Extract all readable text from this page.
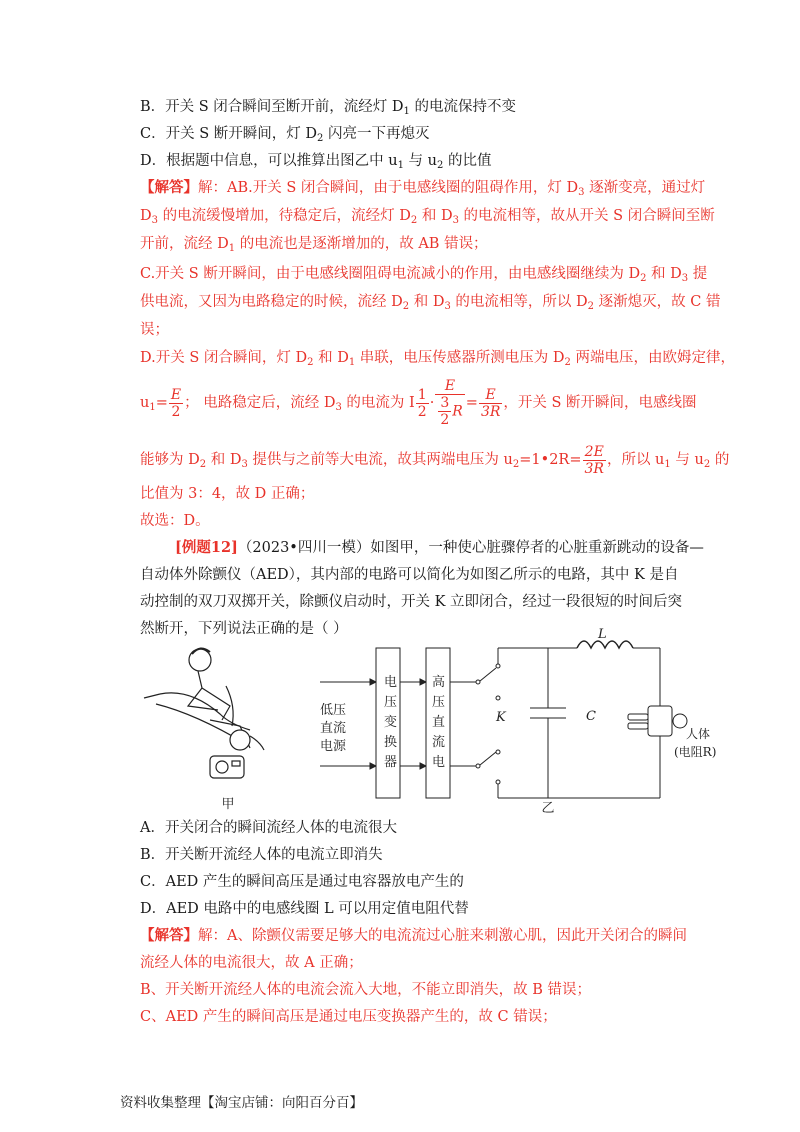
B．开关 S 闭合瞬间至断开前，流经灯 $D_1$ 的电流保持不变
C．开关 S 断开瞬间，灯 $D_2$ 闪亮一下再熄灭
D．根据题中信息，可以推算出图乙中 $u_1$ 与 $u_2$ 的比值
【解答】解：AB.开关 S 闭合瞬间，由于电感线圈的阻碍作用，灯 $D_3$ 逐渐变亮，通过灯
$D_3$ 的电流缓慢增加，待稳定后，流经灯 $D_2$ 和 $D_3$ 的电流相等，故从开关 S 闭合瞬间至断
开前，流经 $D_1$ 的电流也是逐渐增加的，故 AB 错误；
C.开关 S 断开瞬间，由于电感线圈阻碍电流减小的作用，由电感线圈继续为 $D_2$ 和 $D_3$ 提
供电流，又因为电路稳定的时候，流经 $D_2$ 和 $D_3$ 的电流相等，所以 $D_2$ 逐渐熄灭，故 C 错
误；
D.开关 S 闭合瞬间，灯 $D_2$ 和 $D_1$ 串联，电压传感器所测电压为 $D_2$ 两端电压，由欧姆定律，
$u_1= \frac{E}{2}$ ； 电路稳定后，流经 $D_3$ 的电流为 I $\frac{1}{2} \cdot \frac{E}{\frac{3}{2} R} = \frac{E}{3R}$ ，开关 S 断开瞬间，电感线圈
能够为 $D_2$ 和 $D_3$ 提供与之前等大电流，故其两端电压为 $u_2=1•2R= \frac{2E}{3R}$ ，所以 $u_1$ 与 $u_2$ 的
比值为 3：4，故 D 正确；
故选：D。
[例题12]（2023•四川一模）如图甲，一种使心脏骤停者的心脏重新跳动的设备—
自动体外除颤仪（AED），其内部的电路可以简化为如图乙所示的电路，其中 K 是自
动控制的双刀双掷开关，除颤仪启动时，开关 K 立即闭合，经过一段很短的时间后突
然断开，下列说法正确的是（ ）
甲
低压
直流
电源
电
压
变
换
器
高
压
直
流
电
K	C
L
人体
(电阻R)
乙
A．开关闭合的瞬间流经人体的电流很大
B．开关断开流经人体的电流立即消失
C．AED 产生的瞬间高压是通过电容器放电产生的
D．AED 电路中的电感线圈 L 可以用定值电阻代替
【解答】解：A、除颤仪需要足够大的电流流过心脏来刺激心肌，因此开关闭合的瞬间
流经人体的电流很大，故 A 正确；
B、开关断开流经人体的电流会流入大地，不能立即消失，故 B 错误；
C、AED 产生的瞬间高压是通过电压变换器产生的，故 C 错误；
资料收集整理【淘宝店铺：向阳百分百】
